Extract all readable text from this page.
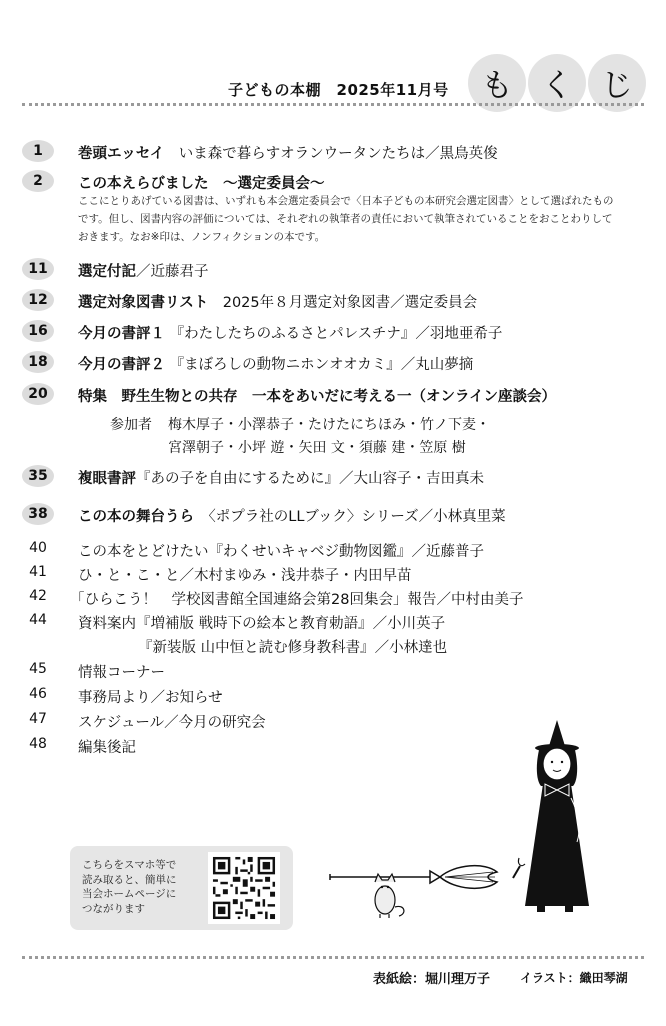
子どもの本棚　2025年11月号	も く じ
1	巻頭エッセイ　 いま森で暮らすオランウータンたちは／黒鳥英俊
2	この本えらびました　 ～選定委員会～
ここにとりあげている図書は、いずれも本会選定委員会で〈日本子どもの本研究会選定図書〉として選ばれたものです。但し、図書内容の評価については、それぞれの執筆者の責任において執筆されていることをおことわりしておきます。なお※印は、ノンフィクションの本です。
11	選定付記／近藤君子
12	選定対象図書リスト　 2025年８月選定対象図書／選定委員会
16	今月の書評１ 『わたしたちのふるさとパレスチナ』／羽地亜希子
18	今月の書評２ 『まぼろしの動物ニホンオオカミ』／丸山夢摘
20	特集　野生生物との共存　一本をあいだに考える一（オンライン座談会）
参加者 梅木厚子・小澤恭子・たけたにちほみ・竹ノ下麦・
宮澤朝子・小坪 遊・矢田 文・須藤 建・笠原 樹
35	複眼書評『あの子を自由にするために』／大山容子・吉田真未
38	この本の舞台うら　 〈ポプラ社のLLブック〉シリーズ／小林真里菜
40	この本をとどけたい『わくせいキャベジ動物図鑑』／近藤普子
41	ひ・と・こ・と／木村まゆみ・浅井恭子・内田早苗
42	「ひらこう！　学校図書館全国連絡会第28回集会」報告／中村由美子
44	資料案内『増補版 戦時下の絵本と教育勅語』／小川英子
『新装版 山中恒と読む修身教科書』／小林達也
45	情報コーナー
46	事務局より／お知らせ
47	スケジュール／今月の研究会
48	編集後記
こちらをスマホ等で
読み取ると、簡単に
当会ホームページに
つながります
表紙絵：堀川理万子 イラスト：織田琴湖
